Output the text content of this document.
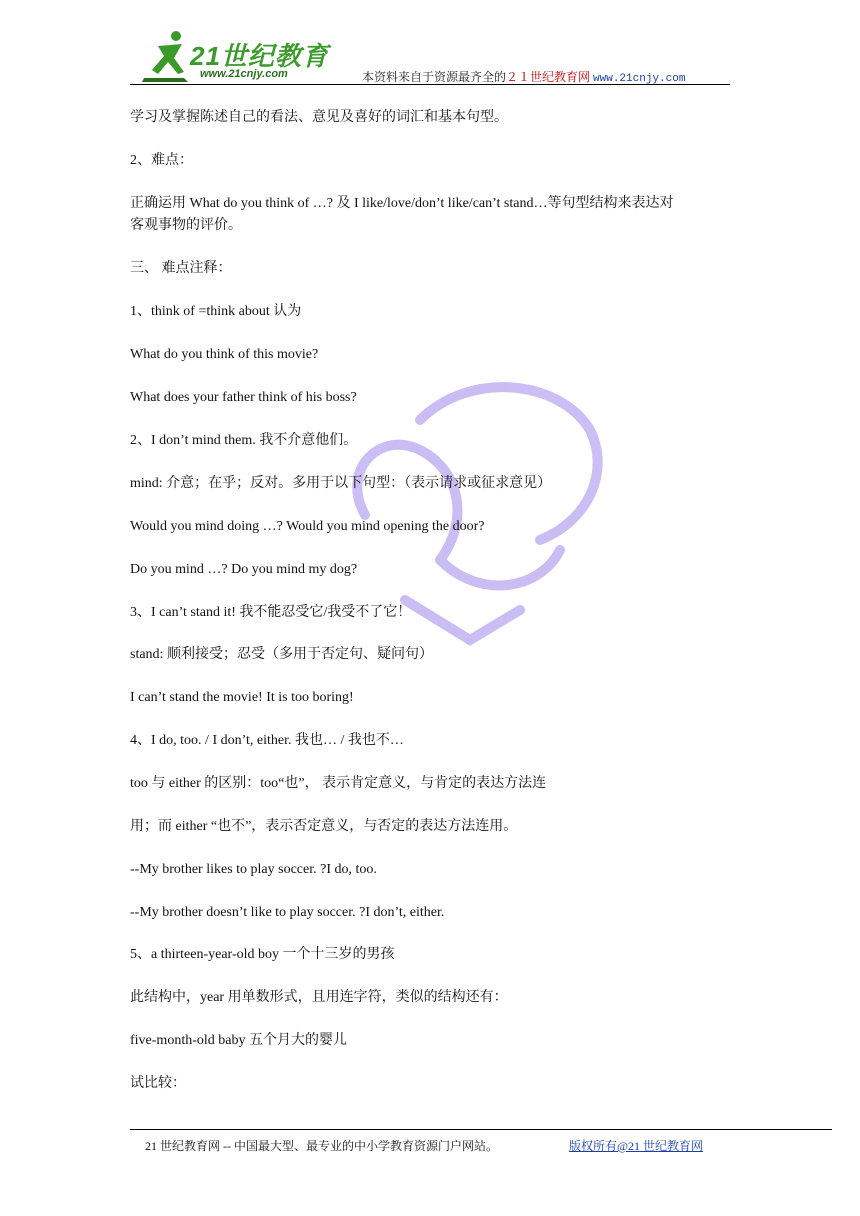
21世纪教育
www.21cnjy.com	本资料来自于资源最齐全的２１世纪教育网 www.21cnjy.com
学习及掌握陈述自己的看法、意见及喜好的词汇和基本句型。
2、难点：
正确运用 What do you think of …? 及 I like/love/don’t like/can’t stand…等句型结构来表达对
客观事物的评价。
三、 难点注释：
1、think of =think about 认为
What do you think of this movie?
What does your father think of his boss?
2、I don’t mind them. 我不介意他们。
mind: 介意；在乎；反对。多用于以下句型：（表示请求或征求意见）
Would you mind doing …? Would you mind opening the door?
Do you mind …? Do you mind my dog?
3、I can’t stand it! 我不能忍受它/我受不了它！
stand: 顺利接受；忍受（多用于否定句、疑问句）
I can’t stand the movie! It is too boring!
4、I do, too. / I don’t, either. 我也… / 我也不…
too 与 either 的区别：too“也”， 表示肯定意义，与肯定的表达方法连
用；而 either “也不”，表示否定意义，与否定的表达方法连用。
--My brother likes to play soccer. ?I do, too.
--My brother doesn’t like to play soccer. ?I don’t, either.
5、a thirteen-year-old boy 一个十三岁的男孩
此结构中，year 用单数形式，且用连字符，类似的结构还有：
five-month-old baby 五个月大的婴儿
试比较：
21 世纪教育网 -- 中国最大型、最专业的中小学教育资源门户网站。	版权所有@21 世纪教育网
